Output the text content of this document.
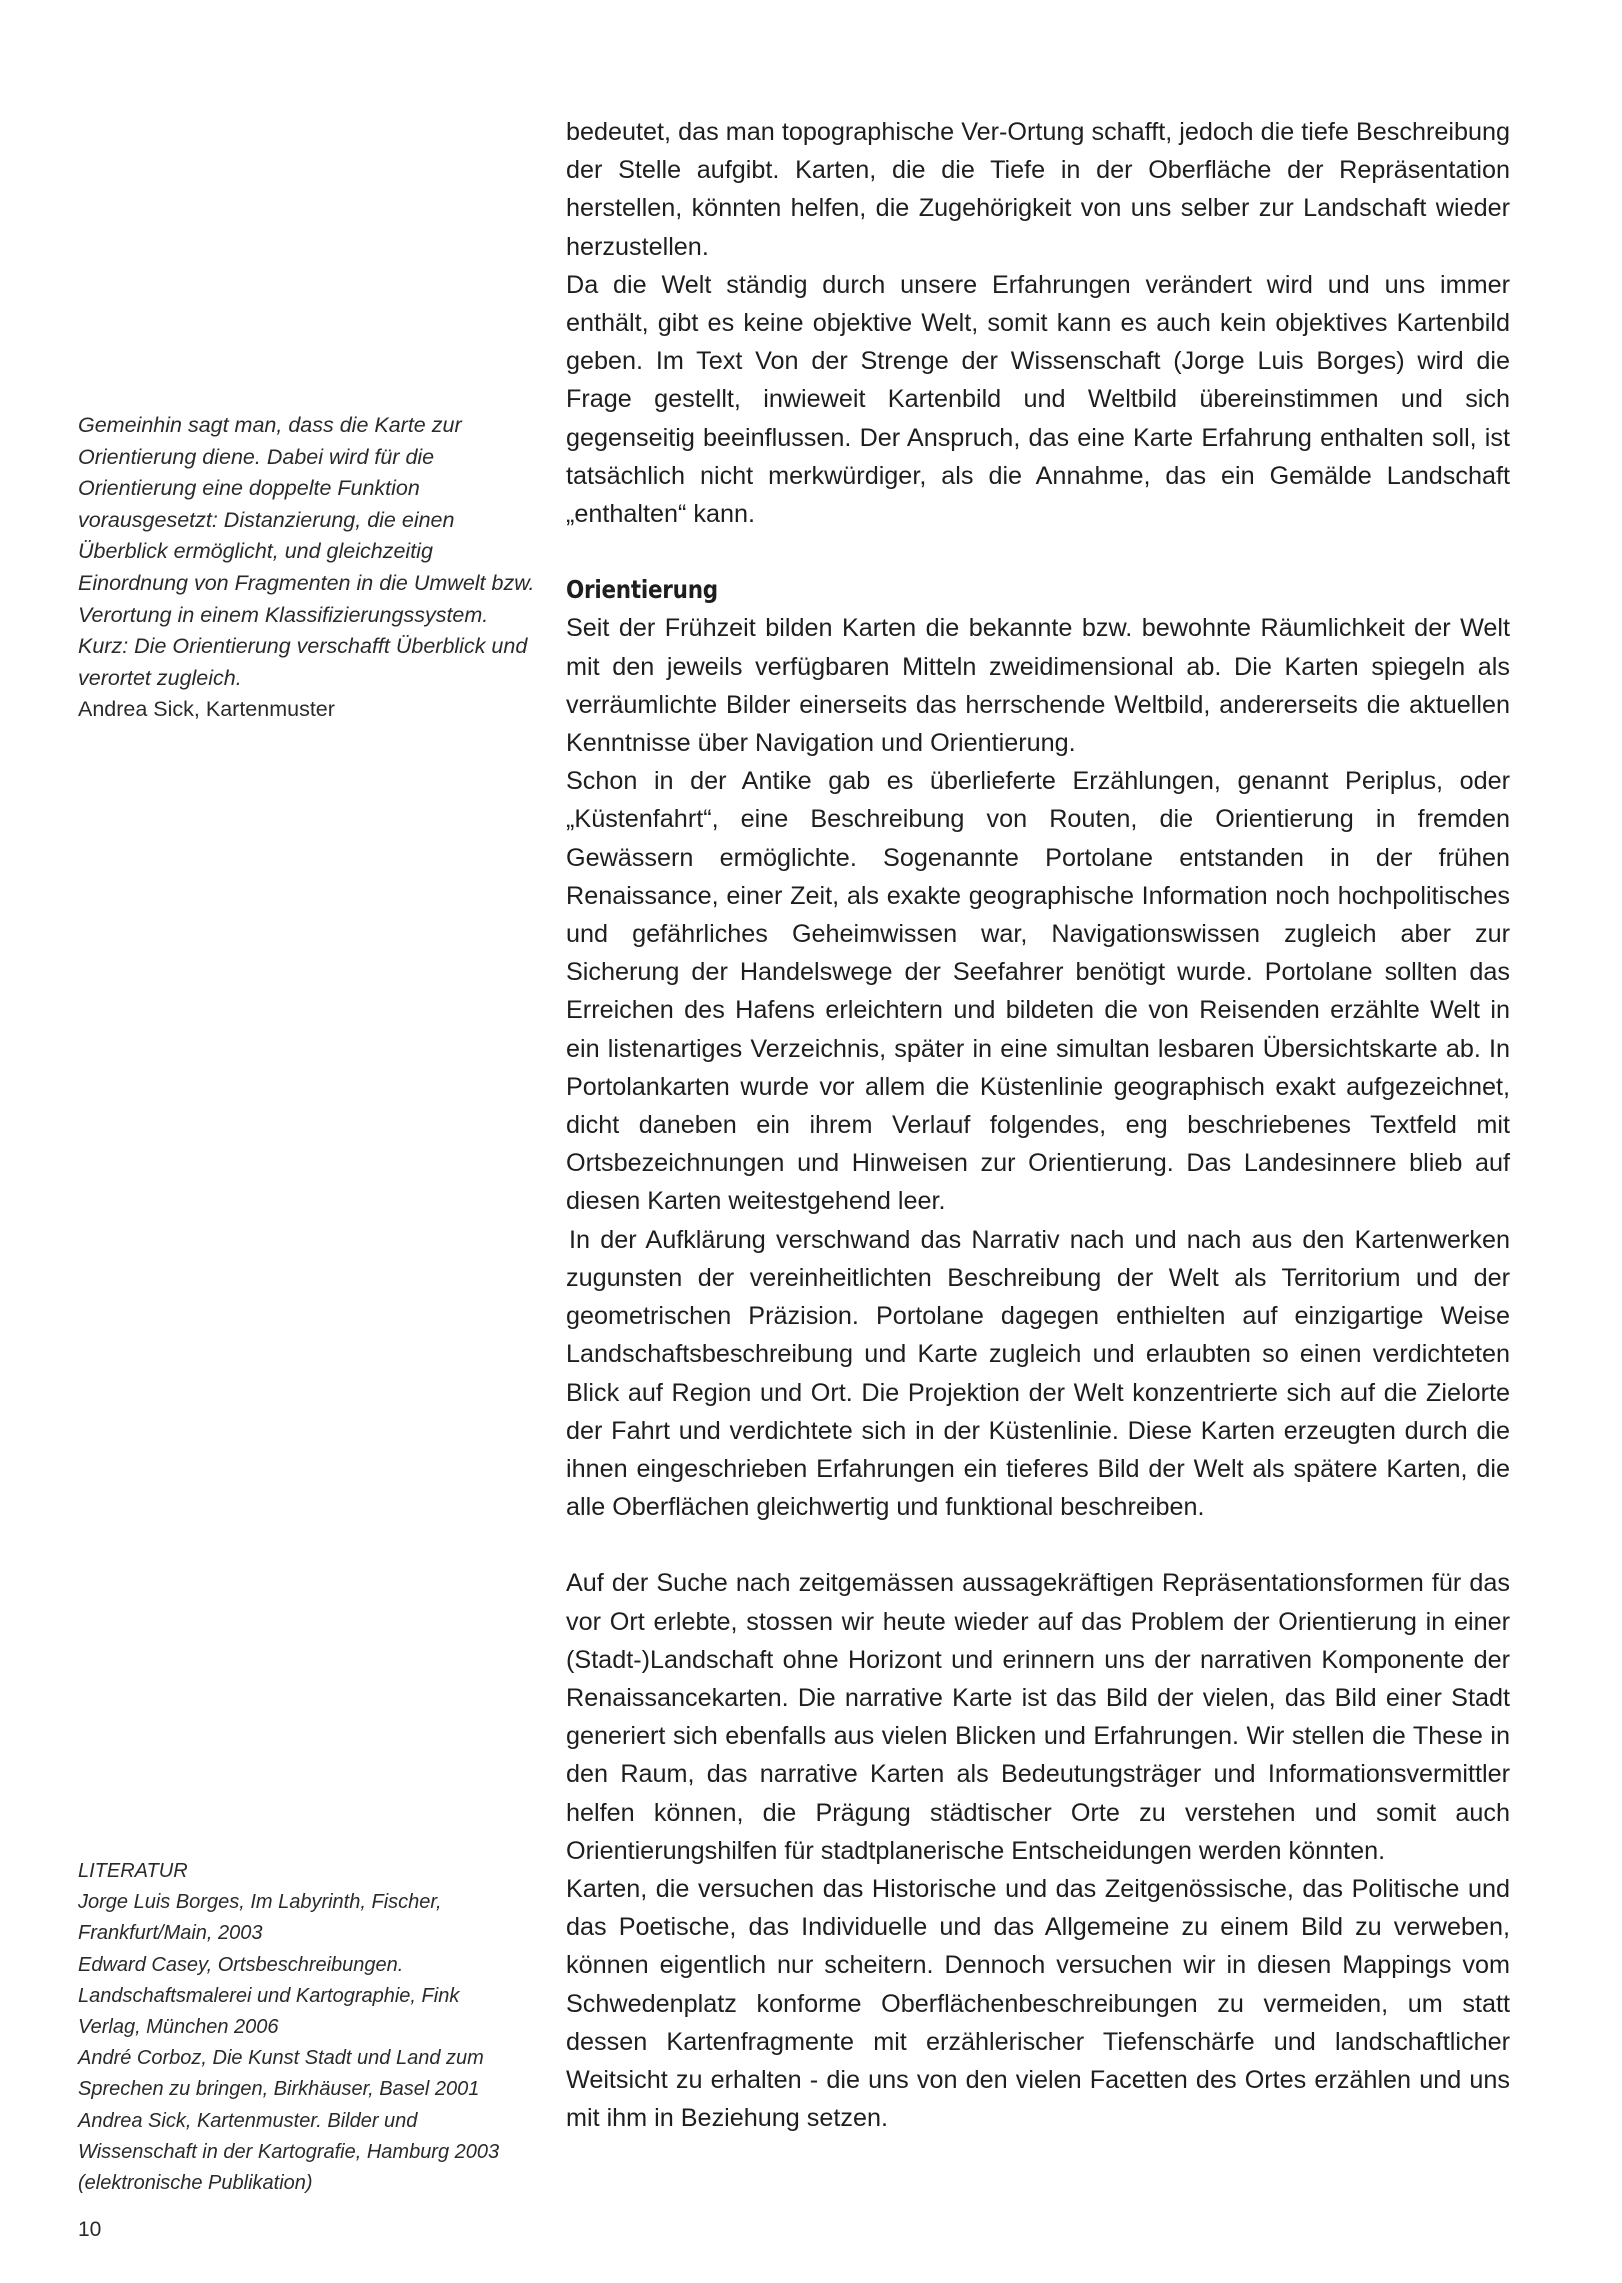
Gemeinhin sagt man, dass die Karte zur Orientierung diene. Dabei wird für die Orientierung eine doppelte Funktion vorausgesetzt: Distanzierung, die einen Überblick ermöglicht, und gleichzeitig Einordnung von Fragmenten in die Umwelt bzw. Verortung in einem Klassifizierungssystem. Kurz: Die Orientierung verschafft Überblick und verortet zugleich.
Andrea Sick, Kartenmuster

bedeutet, das man topographische Ver-Ortung schafft, jedoch die tiefe Beschreibung der Stelle aufgibt. Karten, die die Tiefe in der Oberfläche der Repräsentation herstellen, könnten helfen, die Zugehörigkeit von uns selber zur Landschaft wieder herzustellen.

Da die Welt ständig durch unsere Erfahrungen verändert wird und uns immer enthält, gibt es keine objektive Welt, somit kann es auch kein objektives Kartenbild geben. Im Text Von der Strenge der Wissenschaft (Jorge Luis Borges) wird die Frage gestellt, inwieweit Kartenbild und Weltbild übereinstimmen und sich gegenseitig beeinflussen. Der Anspruch, das eine Karte Erfahrung enthalten soll, ist tatsächlich nicht merkwürdiger, als die Annahme, das ein Gemälde Landschaft „enthalten“ kann.

Orientierung

Seit der Frühzeit bilden Karten die bekannte bzw. bewohnte Räumlichkeit der Welt mit den jeweils verfügbaren Mitteln zweidimensional ab. Die Karten spiegeln als verräumlichte Bilder einerseits das herrschende Weltbild, andererseits die aktuellen Kenntnisse über Navigation und Orientierung.

Schon in der Antike gab es überlieferte Erzählungen, genannt Periplus, oder „Küstenfahrt“, eine Beschreibung von Routen, die Orientierung in fremden Gewässern ermöglichte. Sogenannte Portolane entstanden in der frühen Renaissance, einer Zeit, als exakte geographische Information noch hochpolitisches und gefährliches Geheimwissen war, Navigationswissen zugleich aber zur Sicherung der Handelswege der Seefahrer benötigt wurde. Portolane sollten das Erreichen des Hafens erleichtern und bildeten die von Reisenden erzählte Welt in ein listenartiges Verzeichnis, später in eine simultan lesbaren Übersichtskarte ab. In Portolankarten wurde vor allem die Küstenlinie geographisch exakt aufgezeichnet, dicht daneben ein ihrem Verlauf folgendes, eng beschriebenes Textfeld mit Ortsbezeichnungen und Hinweisen zur Orientierung. Das Landesinnere blieb auf diesen Karten weitestgehend leer.

In der Aufklärung verschwand das Narrativ nach und nach aus den Kartenwerken zugunsten der vereinheitlichten Beschreibung der Welt als Territorium und der geometrischen Präzision. Portolane dagegen enthielten auf einzigartige Weise Landschaftsbeschreibung und Karte zugleich und erlaubten so einen verdichteten Blick auf Region und Ort. Die Projektion der Welt konzentrierte sich auf die Zielorte der Fahrt und verdichtete sich in der Küstenlinie. Diese Karten erzeugten durch die ihnen eingeschrieben Erfahrungen ein tieferes Bild der Welt als spätere Karten, die alle Oberflächen gleichwertig und funktional beschreiben.

Auf der Suche nach zeitgemässen aussagekräftigen Repräsentationsformen für das vor Ort erlebte, stossen wir heute wieder auf das Problem der Orientierung in einer (Stadt-)Landschaft ohne Horizont und erinnern uns der narrativen Komponente der Renaissancekarten. Die narrative Karte ist das Bild der vielen, das Bild einer Stadt generiert sich ebenfalls aus vielen Blicken und Erfahrungen. Wir stellen die These in den Raum, das narrative Karten als Bedeutungsträger und Informationsvermittler helfen können, die Prägung städtischer Orte zu verstehen und somit auch Orientierungshilfen für stadtplanerische Entscheidungen werden könnten.

Karten, die versuchen das Historische und das Zeitgenössische, das Politische und das Poetische, das Individuelle und das Allgemeine zu einem Bild zu verweben, können eigentlich nur scheitern. Dennoch versuchen wir in diesen Mappings vom Schwedenplatz konforme Oberflächenbeschreibungen zu vermeiden, um statt dessen Kartenfragmente mit erzählerischer Tiefenschärfe und landschaftlicher Weitsicht zu erhalten - die uns von den vielen Facetten des Ortes erzählen und uns mit ihm in Beziehung setzen.

LITERATUR
Jorge Luis Borges, Im Labyrinth, Fischer,
Frankfurt/Main, 2003
Edward Casey, Ortsbeschreibungen.
Landschaftsmalerei und Kartographie, Fink
Verlag, München 2006
André Corboz, Die Kunst Stadt und Land zum
Sprechen zu bringen, Birkhäuser, Basel 2001
Andrea Sick, Kartenmuster. Bilder und
Wissenschaft in der Kartografie, Hamburg 2003
(elektronische Publikation)
10
